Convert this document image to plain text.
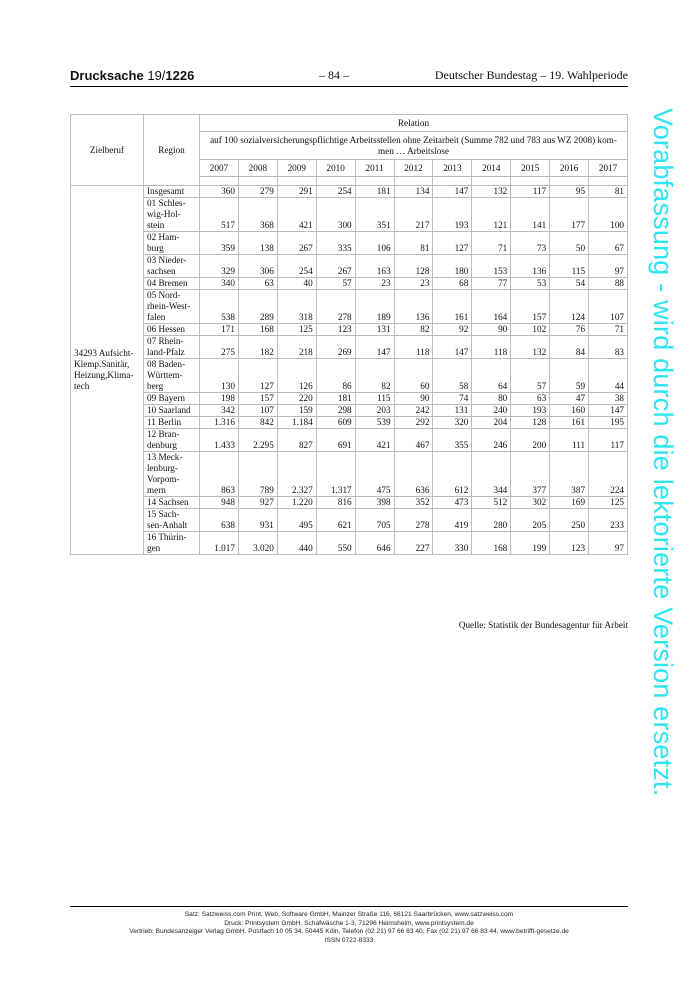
Drucksache 19/1226	– 84 –	Deutscher Bundestag – 19. Wahlperiode
Zielberuf	Region	Relation										
		auf 100 sozialversicherungspflichtige Arbeitsstellen ohne Zeitarbeit (Summe 782 und 783 aus WZ 2008) kom-
men … Arbeitslose										
		2007	2008	2009	2010	2011	2012	2013	2014	2015	2016	2017

34293 Aufsicht-
Klemp.Sanitär,
Heizung,Klima-
tech	Insgesamt	360	279	291	254	181	134	147	132	117	95	81
	01 Schles-
wig-Hol-
stein	517	368	421	300	351	217	193	121	141	177	100
	02 Ham-
burg	359	138	267	335	106	81	127	71	73	50	67
	03 Nieder-
sachsen	329	306	254	267	163	128	180	153	136	115	97
	04 Bremen	340	63	40	57	23	23	68	77	53	54	88
	05 Nord-
rhein-West-
falen	538	289	318	278	189	136	161	164	157	124	107
	06 Hessen	171	168	125	123	131	82	92	90	102	76	71
	07 Rhein-
land-Pfalz	275	182	218	269	147	118	147	118	132	84	83
	08 Baden-
Württem-
berg	130	127	126	86	82	60	58	64	57	59	44
	09 Bayern	198	157	220	181	115	90	74	80	63	47	38
	10 Saarland	342	107	159	298	203	242	131	240	193	160	147
	11 Berlin	1.316	842	1.184	609	539	292	320	204	128	161	195
	12 Bran-
denburg	1.433	2.295	827	691	421	467	355	246	200	111	117
	13 Meck-
lenburg-
Vorpom-
mern	863	789	2.327	1.317	475	636	612	344	377	387	224
	14 Sachsen	948	927	1.220	816	398	352	473	512	302	169	125
	15 Sach-
sen-Anhalt	638	931	495	621	705	278	419	280	205	250	233
	16 Thürin-
gen	1.017	3.020	440	550	646	227	330	168	199	123	97
Quelle: Statistik der Bundesagentur für Arbeit
Satz: Satzweiss.com Print, Web, Software GmbH, Mainzer Straße 116, 66121 Saarbrücken, www.satzweiss.com
Druck: Printsystem GmbH, Schafwäsche 1-3, 71296 Heimsheim, www.printsystem.de
Vertrieb: Bundesanzeiger Verlag GmbH, Postfach 10 05 34, 50445 Köln, Telefon (02 21) 97 66 83 40, Fax (02 21) 97 66 83 44, www.betrifft-gesetze.de
ISSN 0722-8333
Vorabfassung - wird durch die lektorierte Version ersetzt.
